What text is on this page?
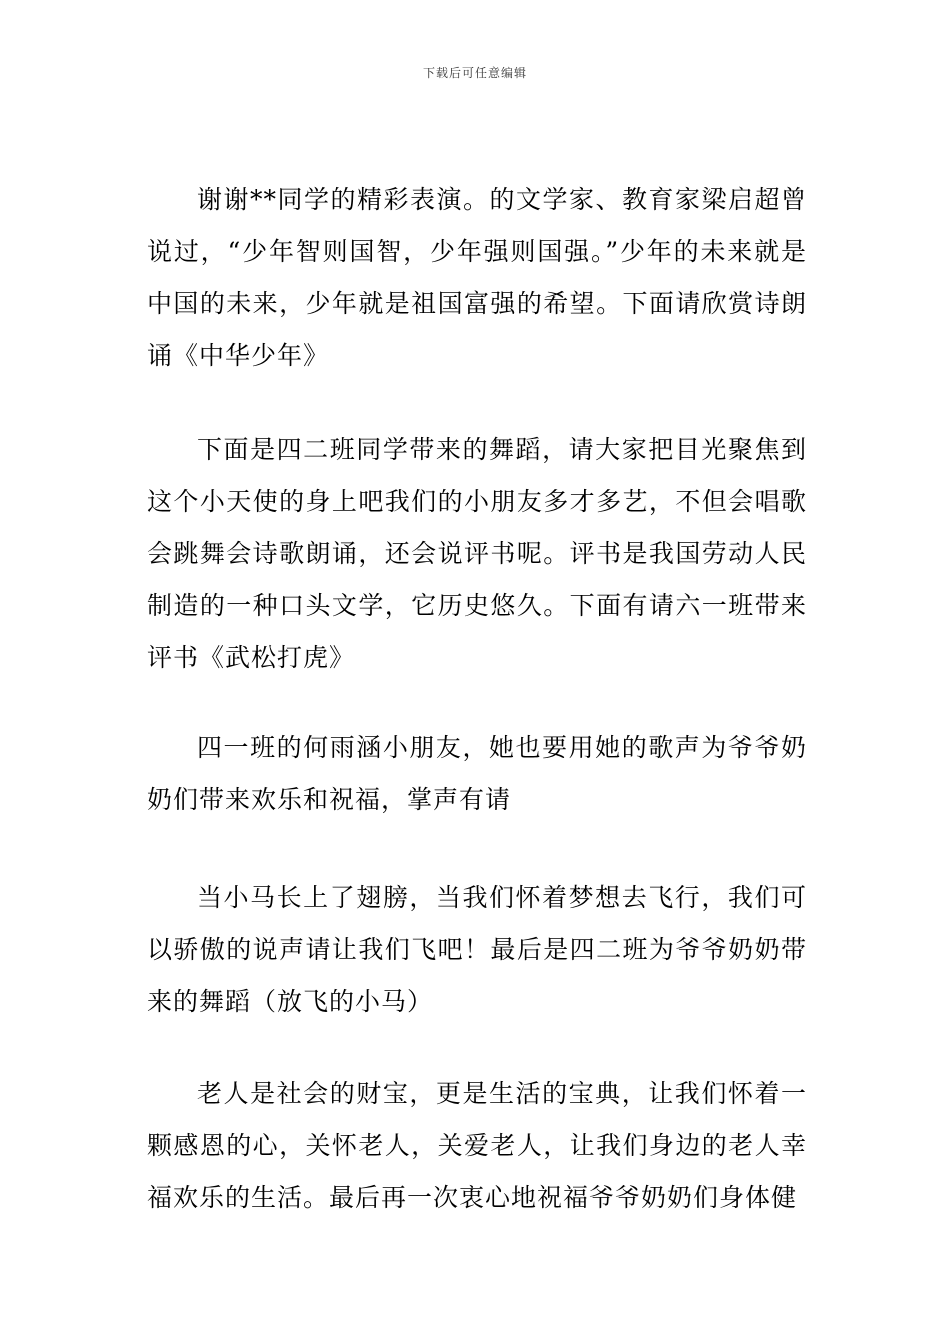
下载后可任意编辑

谢谢**同学的精彩表演。的文学家、教育家梁启超曾说过，“少年智则国智，少年强则国强。”少年的未来就是中国的未来，少年就是祖国富强的希望。下面请欣赏诗朗诵《中华少年》

下面是四二班同学带来的舞蹈，请大家把目光聚焦到这个小天使的身上吧我们的小朋友多才多艺，不但会唱歌会跳舞会诗歌朗诵，还会说评书呢。评书是我国劳动人民制造的一种口头文学，它历史悠久。下面有请六一班带来评书《武松打虎》

四一班的何雨涵小朋友，她也要用她的歌声为爷爷奶奶们带来欢乐和祝福，掌声有请

当小马长上了翅膀，当我们怀着梦想去飞行，我们可以骄傲的说声请让我们飞吧！最后是四二班为爷爷奶奶带来的舞蹈（放飞的小马）

老人是社会的财宝，更是生活的宝典，让我们怀着一颗感恩的心，关怀老人，关爱老人，让我们身边的老人幸福欢乐的生活。最后再一次衷心地祝福爷爷奶奶们身体健
